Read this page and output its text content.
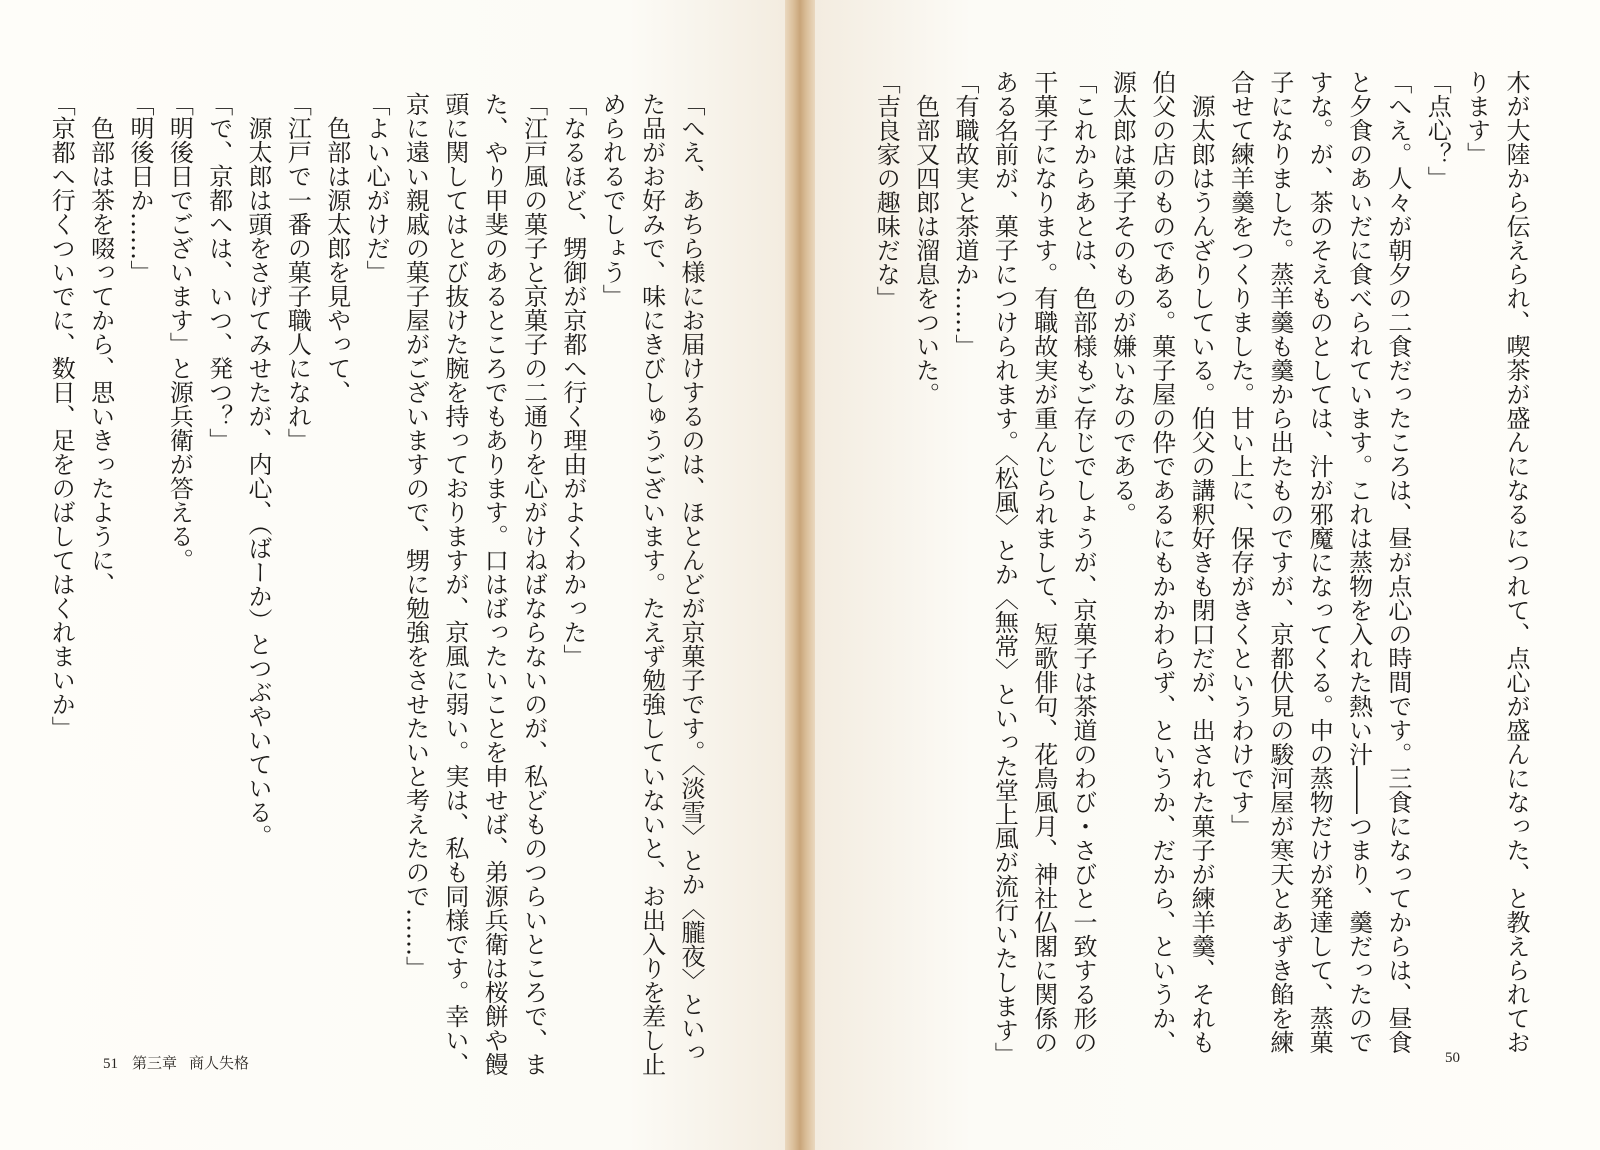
「へえ、あちら様にお届けするのは、ほとんどが京菓子です。〈淡雪〉とか〈朧夜〉といっ

た品がお好みで、味にきびしゅうございます。たえず勉強していないと、お出入りを差し止

められるでしょう」

「なるほど、甥御が京都へ行く理由がよくわかった」

「江戸風の菓子と京菓子の二通りを心がけねばならないのが、私どものつらいところで、ま

た、やり甲斐のあるところでもあります。口はばったいことを申せば、弟源兵衛は桜餅や饅

頭に関してはとび抜けた腕を持っておりますが、京風に弱い。実は、私も同様です。幸い、

京に遠い親戚の菓子屋がございますので、甥に勉強をさせたいと考えたので……」

「よい心がけだ」

　色部は源太郎を見やって、

「江戸で一番の菓子職人になれ」

　源太郎は頭をさげてみせたが、内心、（ばーか）とつぶやいている。

「で、京都へは、いつ、発つ？」

「明後日でございます」と源兵衛が答える。

「明後日か……」

　色部は茶を啜ってから、思いきったように、

「京都へ行くついでに、数日、足をのばしてはくれまいか」

51 第三章 商人失格

木が大陸から伝えられ、喫茶が盛んになるにつれて、点心が盛んになった、と教えられてお

ります」

「点心？」

「へえ。人々が朝夕の二食だったころは、昼が点心の時間です。三食になってからは、昼食

と夕食のあいだに食べられています。これは蒸物を入れた熱い汁――つまり、羹だったので

すな。が、茶のそえものとしては、汁が邪魔になってくる。中の蒸物だけが発達して、蒸菓

子になりました。蒸羊羹も羹から出たものですが、京都伏見の駿河屋が寒天とあずき餡を練

合せて練羊羹をつくりました。甘い上に、保存がきくというわけです」

　源太郎はうんざりしている。伯父の講釈好きも閉口だが、出された菓子が練羊羹、それも

伯父の店のものである。菓子屋の伜であるにもかかわらず、というか、だから、というか、

源太郎は菓子そのものが嫌いなのである。

「これからあとは、色部様もご存じでしょうが、京菓子は茶道のわび・さびと一致する形の

干菓子になります。有職故実が重んじられまして、短歌俳句、花鳥風月、神社仏閣に関係の

ある名前が、菓子につけられます。〈松風〉とか〈無常〉といった堂上風が流行いたします」

「有職故実と茶道か……」

　色部又四郎は溜息をついた。

「吉良家の趣味だな」

50
